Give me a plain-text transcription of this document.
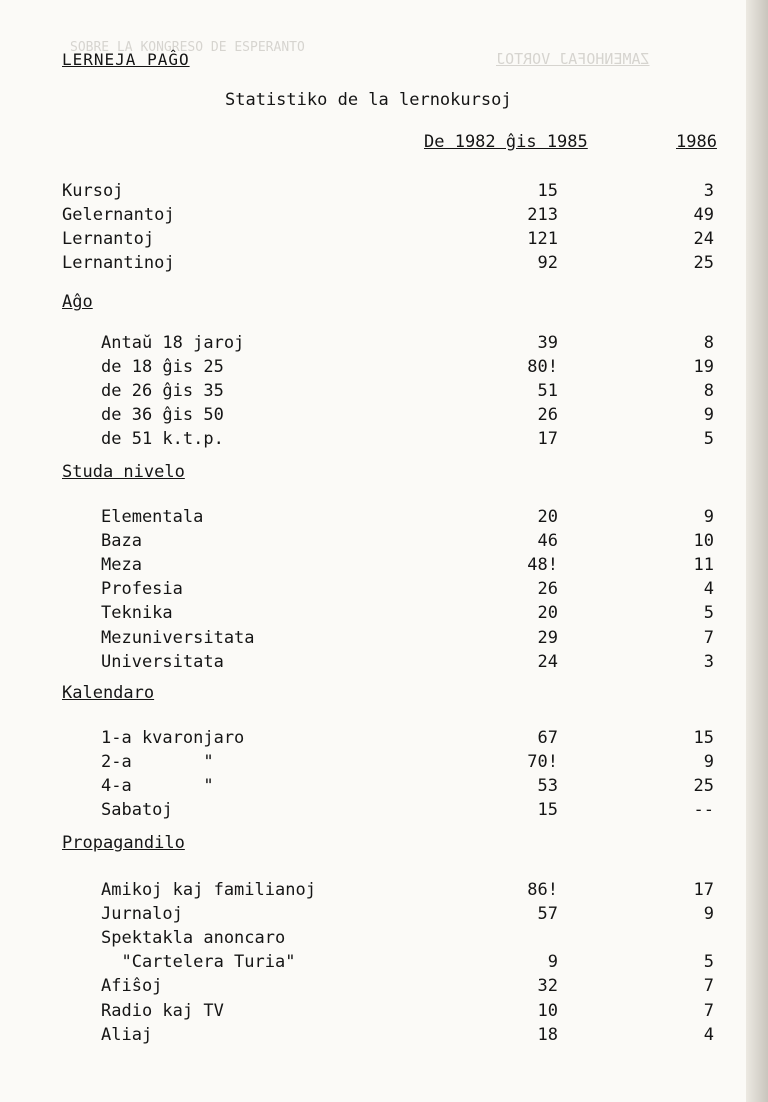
SOBRE LA KONGRESO DE ESPERANTO
ZAMENHOFAJ VORTOJ
LERNEJA PAĜO
Statistiko de la lernokursoj
De 1982 ĝis 1985	1986
Kursoj	15	3
Gelernantoj	213	49
Lernantoj	121	24
Lernantinoj	92	25
Aĝo
Antaŭ 18 jaroj	39	8
de 18 ĝis 25	80!	19
de 26 ĝis 35	51	8
de 36 ĝis 50	26	9
de 51 k.t.p.	17	5
Studa nivelo
Elementala	20	9
Baza	46	10
Meza	48!	11
Profesia	26	4
Teknika	20	5
Mezuniversitata	29	7
Universitata	24	3
Kalendaro
1-a kvaronjaro	67	15
2-a       "	70!	9
4-a       "	53	25
Sabatoj	15	--
Propagandilo
Amikoj kaj familianoj	86!	17
Jurnaloj	57	9
Spektakla anoncaro
"Cartelera Turia"	9	5
Afiŝoj	32	7
Radio kaj TV	10	7
Aliaj	18	4
